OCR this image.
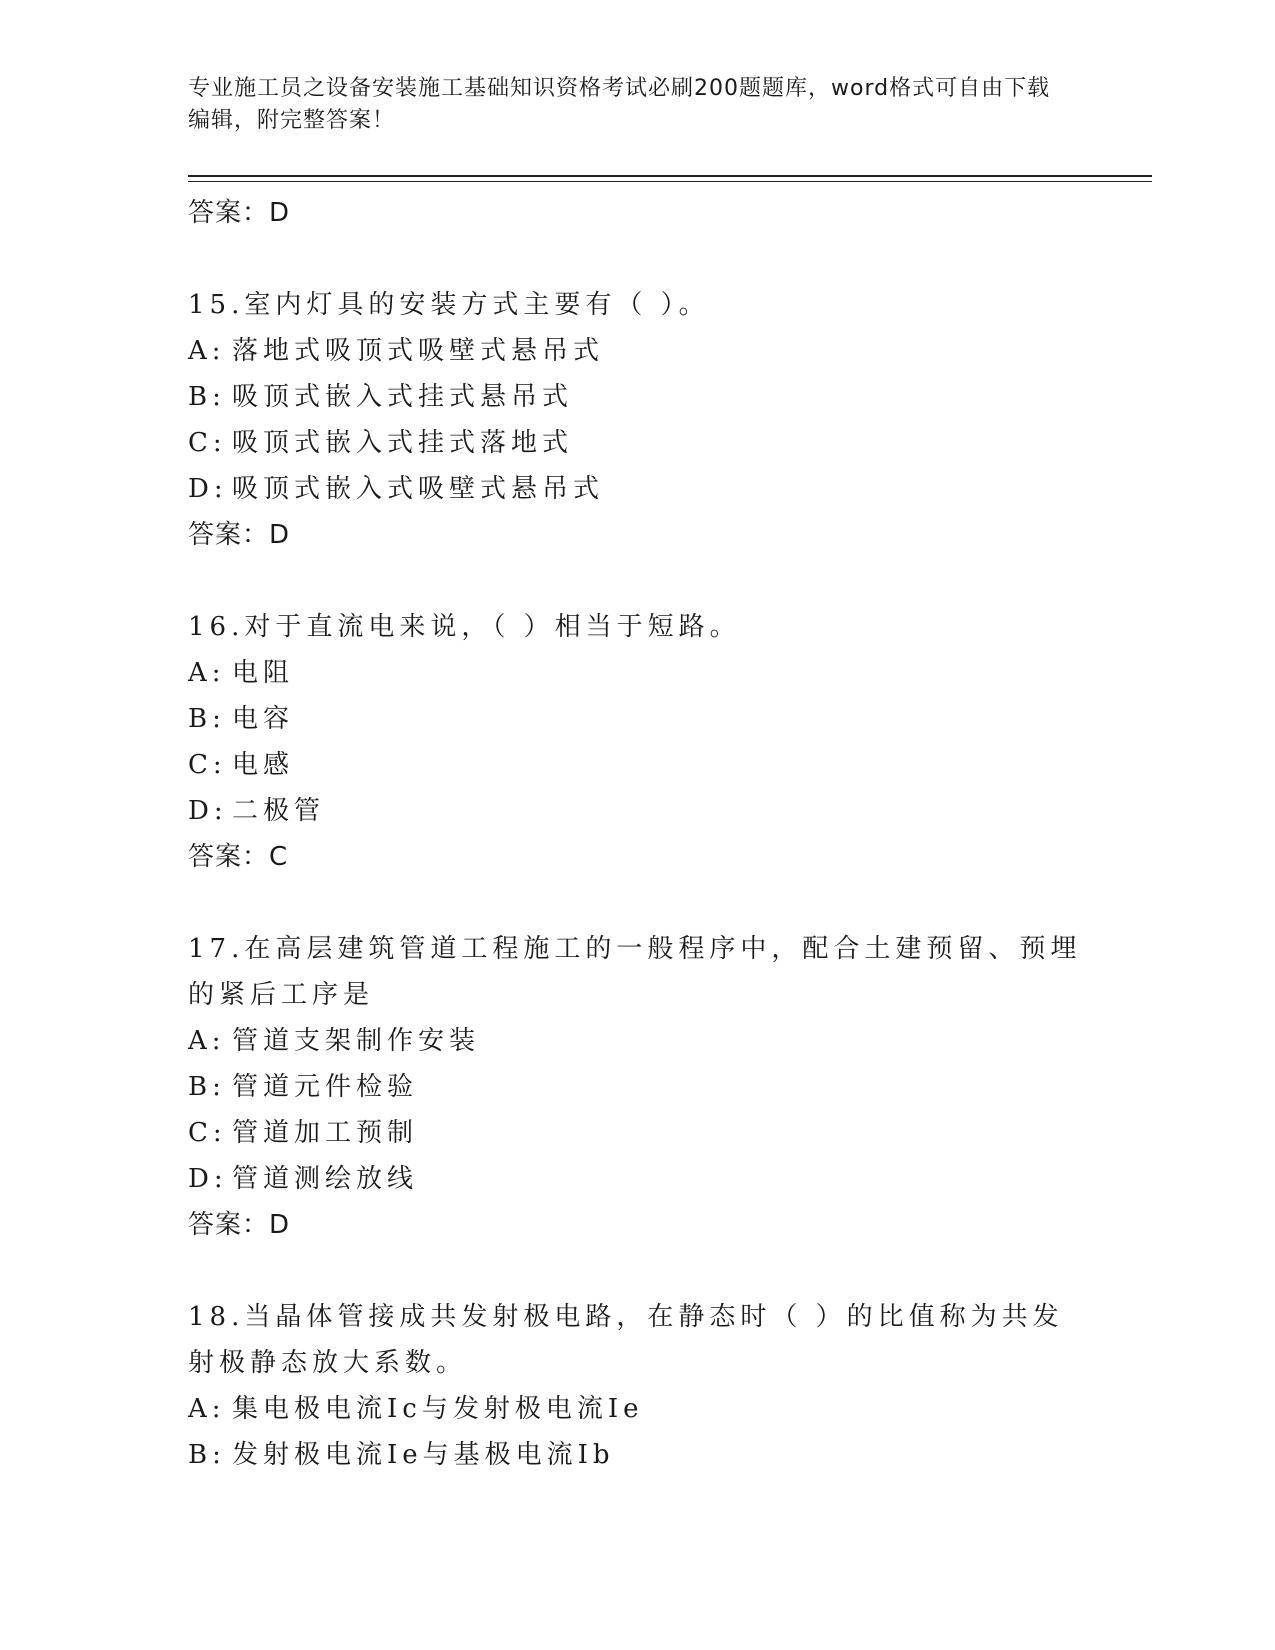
专业施工员之设备安装施工基础知识资格考试必刷200题题库，word格式可自由下载编辑，附完整答案！
答案：D
15.室内灯具的安装方式主要有（ ）。
A: 落地式吸顶式吸壁式悬吊式
B: 吸顶式嵌入式挂式悬吊式
C: 吸顶式嵌入式挂式落地式
D: 吸顶式嵌入式吸壁式悬吊式
答案：D
16.对于直流电来说，（ ）相当于短路。
A: 电阻
B: 电容
C: 电感
D: 二极管
答案：C
17.在高层建筑管道工程施工的一般程序中，配合土建预留、预埋的紧后工序是
A: 管道支架制作安装
B: 管道元件检验
C: 管道加工预制
D: 管道测绘放线
答案：D
18.当晶体管接成共发射极电路，在静态时（ ）的比值称为共发射极静态放大系数。
A: 集电极电流Ic与发射极电流Ie
B: 发射极电流Ie与基极电流Ib
